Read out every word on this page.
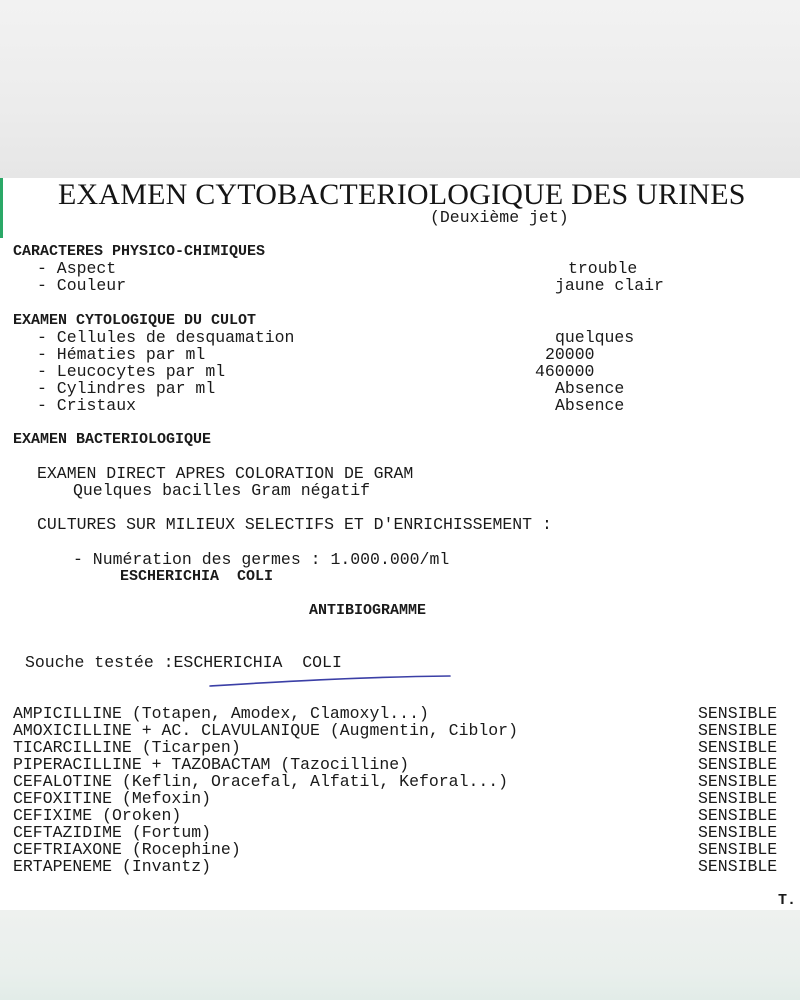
EXAMEN CYTOBACTERIOLOGIQUE DES URINES
(Deuxième jet)
CARACTERES PHYSICO-CHIMIQUES
- Aspect	trouble
- Couleur	jaune clair
EXAMEN CYTOLOGIQUE DU CULOT
- Cellules de desquamation	quelques
- Hématies par ml	20000
- Leucocytes par ml	460000
- Cylindres par ml	Absence
- Cristaux	Absence
EXAMEN BACTERIOLOGIQUE
EXAMEN DIRECT APRES COLORATION DE GRAM
Quelques bacilles Gram négatif
CULTURES SUR MILIEUX SELECTIFS ET D'ENRICHISSEMENT :
- Numération des germes : 1.000.000/ml
ESCHERICHIA  COLI
ANTIBIOGRAMME
Souche testée :ESCHERICHIA  COLI
AMPICILLINE (Totapen, Amodex, Clamoxyl...)	SENSIBLE
AMOXICILLINE + AC. CLAVULANIQUE (Augmentin, Ciblor)	SENSIBLE
TICARCILLINE (Ticarpen)	SENSIBLE
PIPERACILLINE + TAZOBACTAM (Tazocilline)	SENSIBLE
CEFALOTINE (Keflin, Oracefal, Alfatil, Keforal...)	SENSIBLE
CEFOXITINE (Mefoxin)	SENSIBLE
CEFIXIME (Oroken)	SENSIBLE
CEFTAZIDIME (Fortum)	SENSIBLE
CEFTRIAXONE (Rocephine)	SENSIBLE
ERTAPENEME (Invantz)	SENSIBLE
T.
